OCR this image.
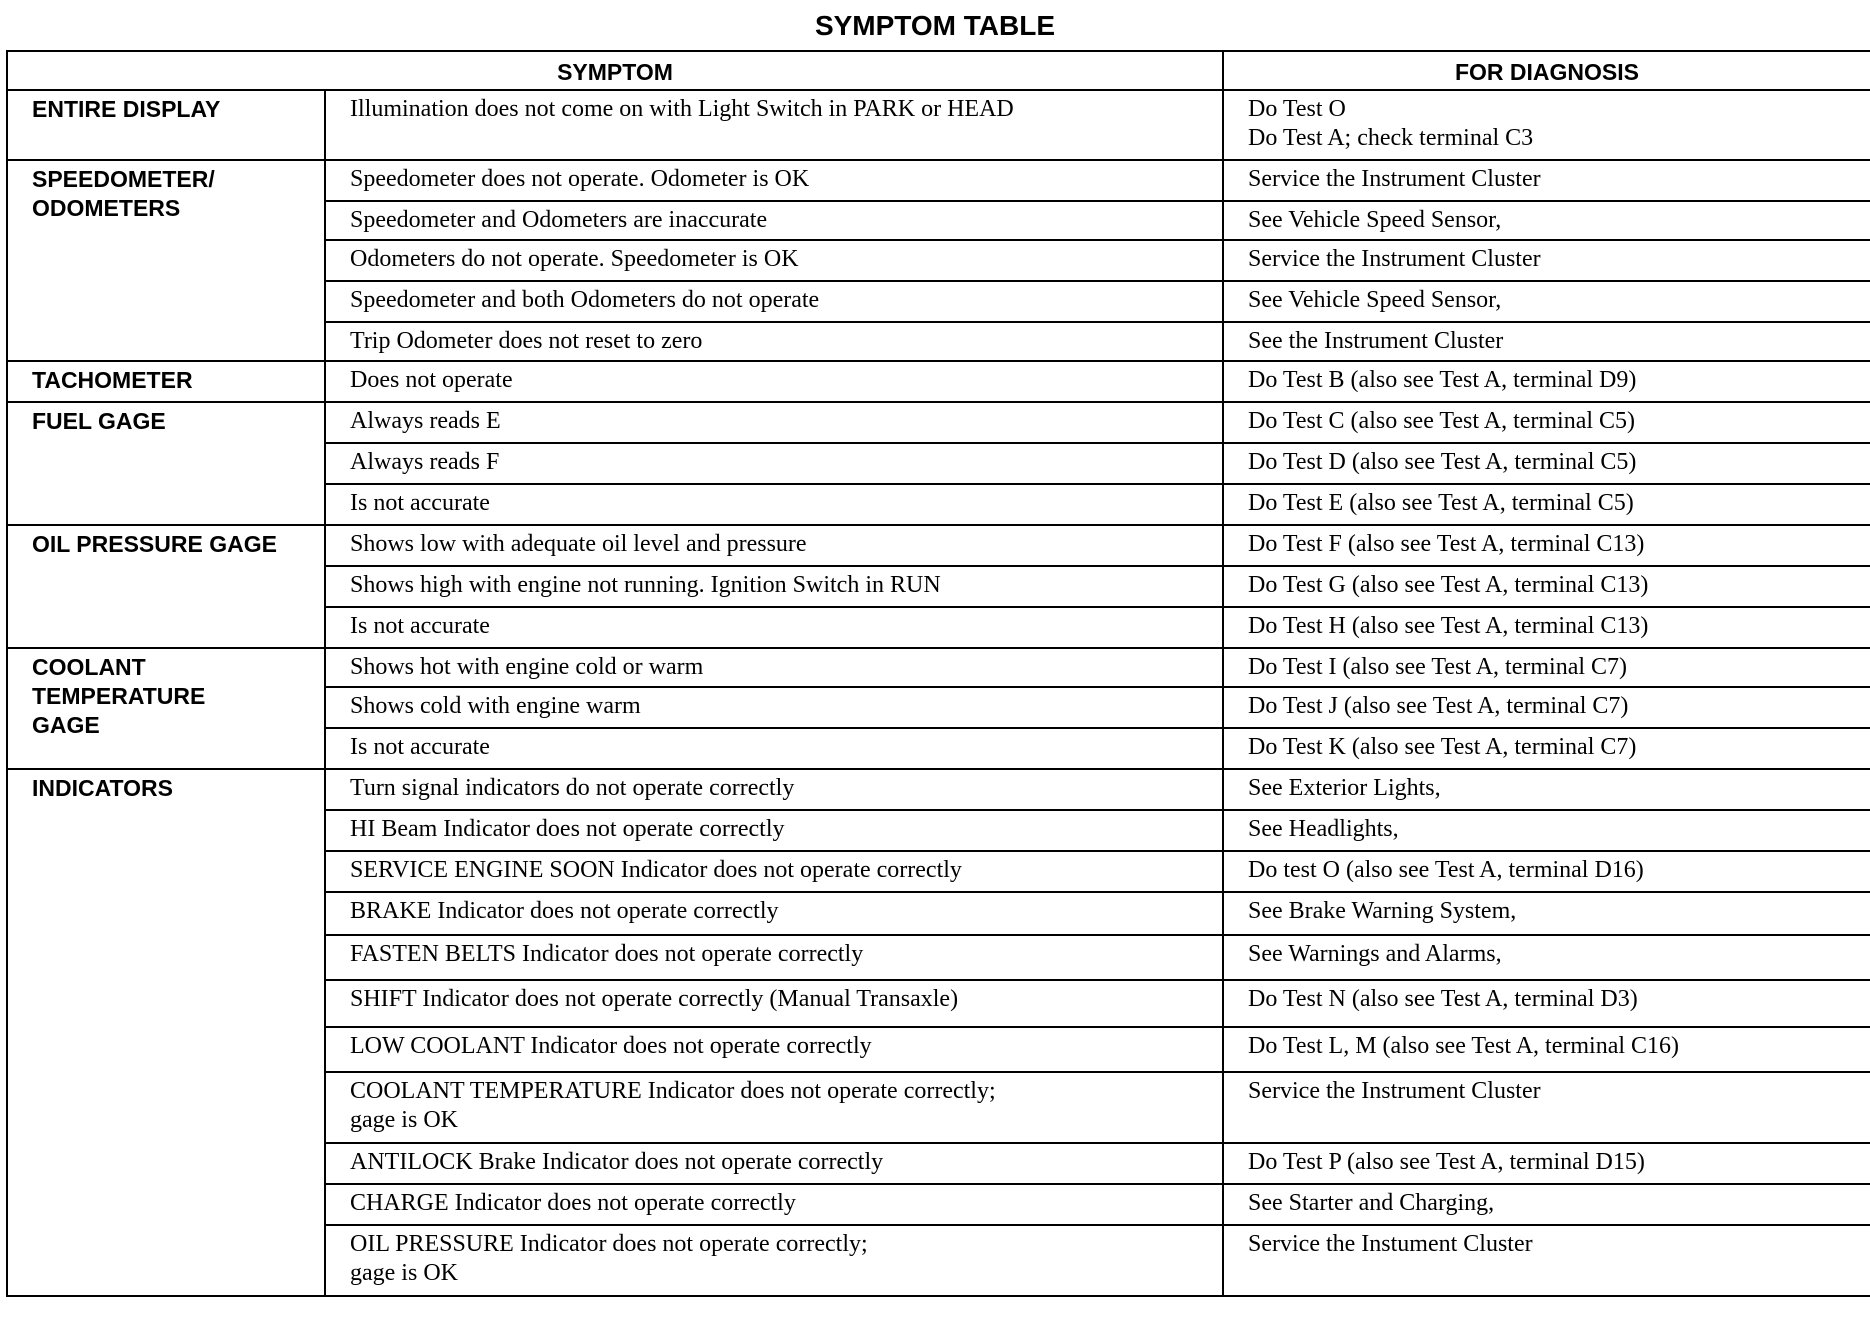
SYMPTOM TABLE
SYMPTOM		FOR DIAGNOSIS

ENTIRE DISPLAY	Illumination does not come on with Light Switch in PARK or HEAD	Do Test O
Do Test A; check terminal C3

SPEEDOMETER/
ODOMETERS	Speedometer does not operate. Odometer is OK	Service the Instrument Cluster

	Speedometer and Odometers are inaccurate	See Vehicle Speed Sensor,

	Odometers do not operate. Speedometer is OK	Service the Instrument Cluster

	Speedometer and both Odometers do not operate	See Vehicle Speed Sensor,

	Trip Odometer does not reset to zero	See the Instrument Cluster

TACHOMETER	Does not operate	Do Test B (also see Test A, terminal D9)

FUEL GAGE	Always reads E	Do Test C (also see Test A, terminal C5)

	Always reads F	Do Test D (also see Test A, terminal C5)

	Is not accurate	Do Test E (also see Test A, terminal C5)

OIL PRESSURE GAGE	Shows low with adequate oil level and pressure	Do Test F (also see Test A, terminal C13)

	Shows high with engine not running. Ignition Switch in RUN	Do Test G (also see Test A, terminal C13)

	Is not accurate	Do Test H (also see Test A, terminal C13)

COOLANT
TEMPERATURE
GAGE	Shows hot with engine cold or warm	Do Test I (also see Test A, terminal C7)

	Shows cold with engine warm	Do Test J (also see Test A, terminal C7)

	Is not accurate	Do Test K (also see Test A, terminal C7)

INDICATORS	Turn signal indicators do not operate correctly	See Exterior Lights,

	HI Beam Indicator does not operate correctly	See Headlights,

	SERVICE ENGINE SOON Indicator does not operate correctly	Do test O (also see Test A, terminal D16)

	BRAKE Indicator does not operate correctly	See Brake Warning System,

	FASTEN BELTS Indicator does not operate correctly	See Warnings and Alarms,

	SHIFT Indicator does not operate correctly (Manual Transaxle)	Do Test N (also see Test A, terminal D3)

	LOW COOLANT Indicator does not operate correctly	Do Test L, M (also see Test A, terminal C16)

	COOLANT TEMPERATURE Indicator does not operate correctly;
gage is OK	Service the Instrument Cluster

	ANTILOCK Brake Indicator does not operate correctly	Do Test P (also see Test A, terminal D15)

	CHARGE Indicator does not operate correctly	See Starter and Charging,

	OIL PRESSURE Indicator does not operate correctly;
gage is OK	Service the Instument Cluster
